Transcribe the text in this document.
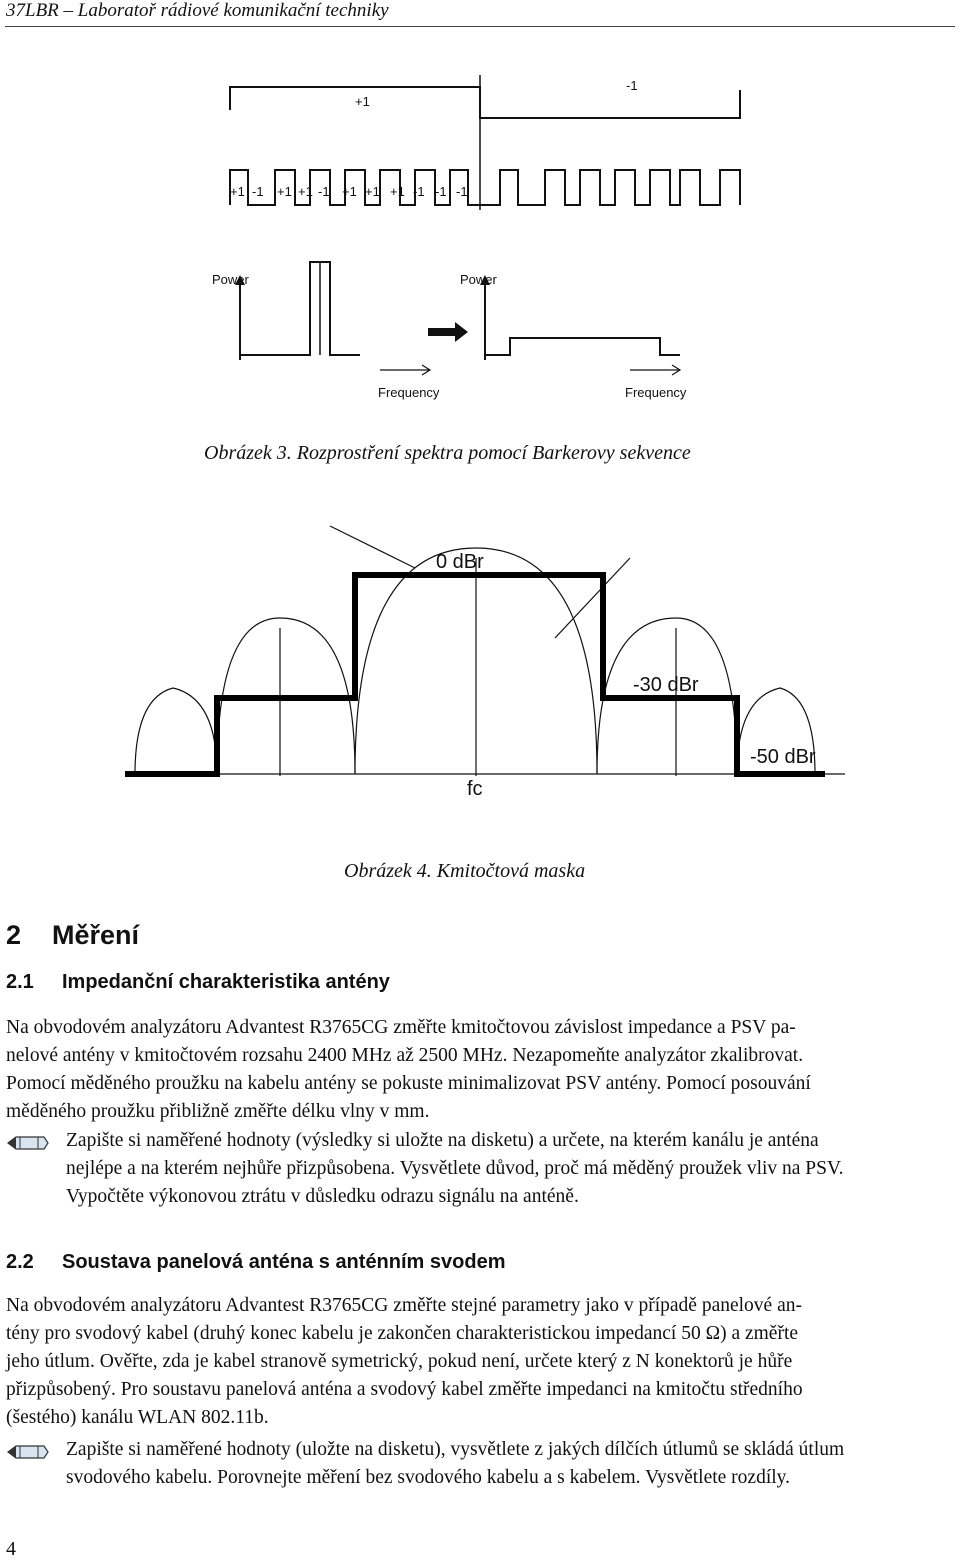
37LBR – Laboratoř rádiové komunikační techniky
+1
-1
+1 -1 +1 +1 -1 +1 +1 +1 -1 -1 -1
Power	Power
Frequency	Frequency
Obrázek 3. Rozprostření spektra pomocí Barkerovy sekvence
0 dBr
-30 dBr
-50 dBr
fc
Obrázek 4. Kmitočtová maska
2 Měření
2.1 Impedanční charakteristika antény
Na obvodovém analyzátoru Advantest R3765CG změřte kmitočtovou závislost impedance a PSV pa-
nelové antény v kmitočtovém rozsahu 2400 MHz až 2500 MHz. Nezapomeňte analyzátor zkalibrovat.
Pomocí měděného proužku na kabelu antény se pokuste minimalizovat PSV antény. Pomocí posouvání
měděného proužku přibližně změřte délku vlny v mm.
Zapište si naměřené hodnoty (výsledky si uložte na disketu) a určete, na kterém kanálu je anténa
nejlépe a na kterém nejhůře přizpůsobena. Vysvětlete důvod, proč má měděný proužek vliv na PSV.
Vypočtěte výkonovou ztrátu v důsledku odrazu signálu na anténě.
2.2 Soustava panelová anténa s anténním svodem
Na obvodovém analyzátoru Advantest R3765CG změřte stejné parametry jako v případě panelové an-
tény pro svodový kabel (druhý konec kabelu je zakončen charakteristickou impedancí 50 Ω) a změřte
jeho útlum. Ověřte, zda je kabel stranově symetrický, pokud není, určete který z N konektorů je hůře
přizpůsobený. Pro soustavu panelová anténa a svodový kabel změřte impedanci na kmitočtu středního
(šestého) kanálu WLAN 802.11b.
Zapište si naměřené hodnoty (uložte na disketu), vysvětlete z jakých dílčích útlumů se skládá útlum
svodového kabelu. Porovnejte měření bez svodového kabelu a s kabelem. Vysvětlete rozdíly.
4
